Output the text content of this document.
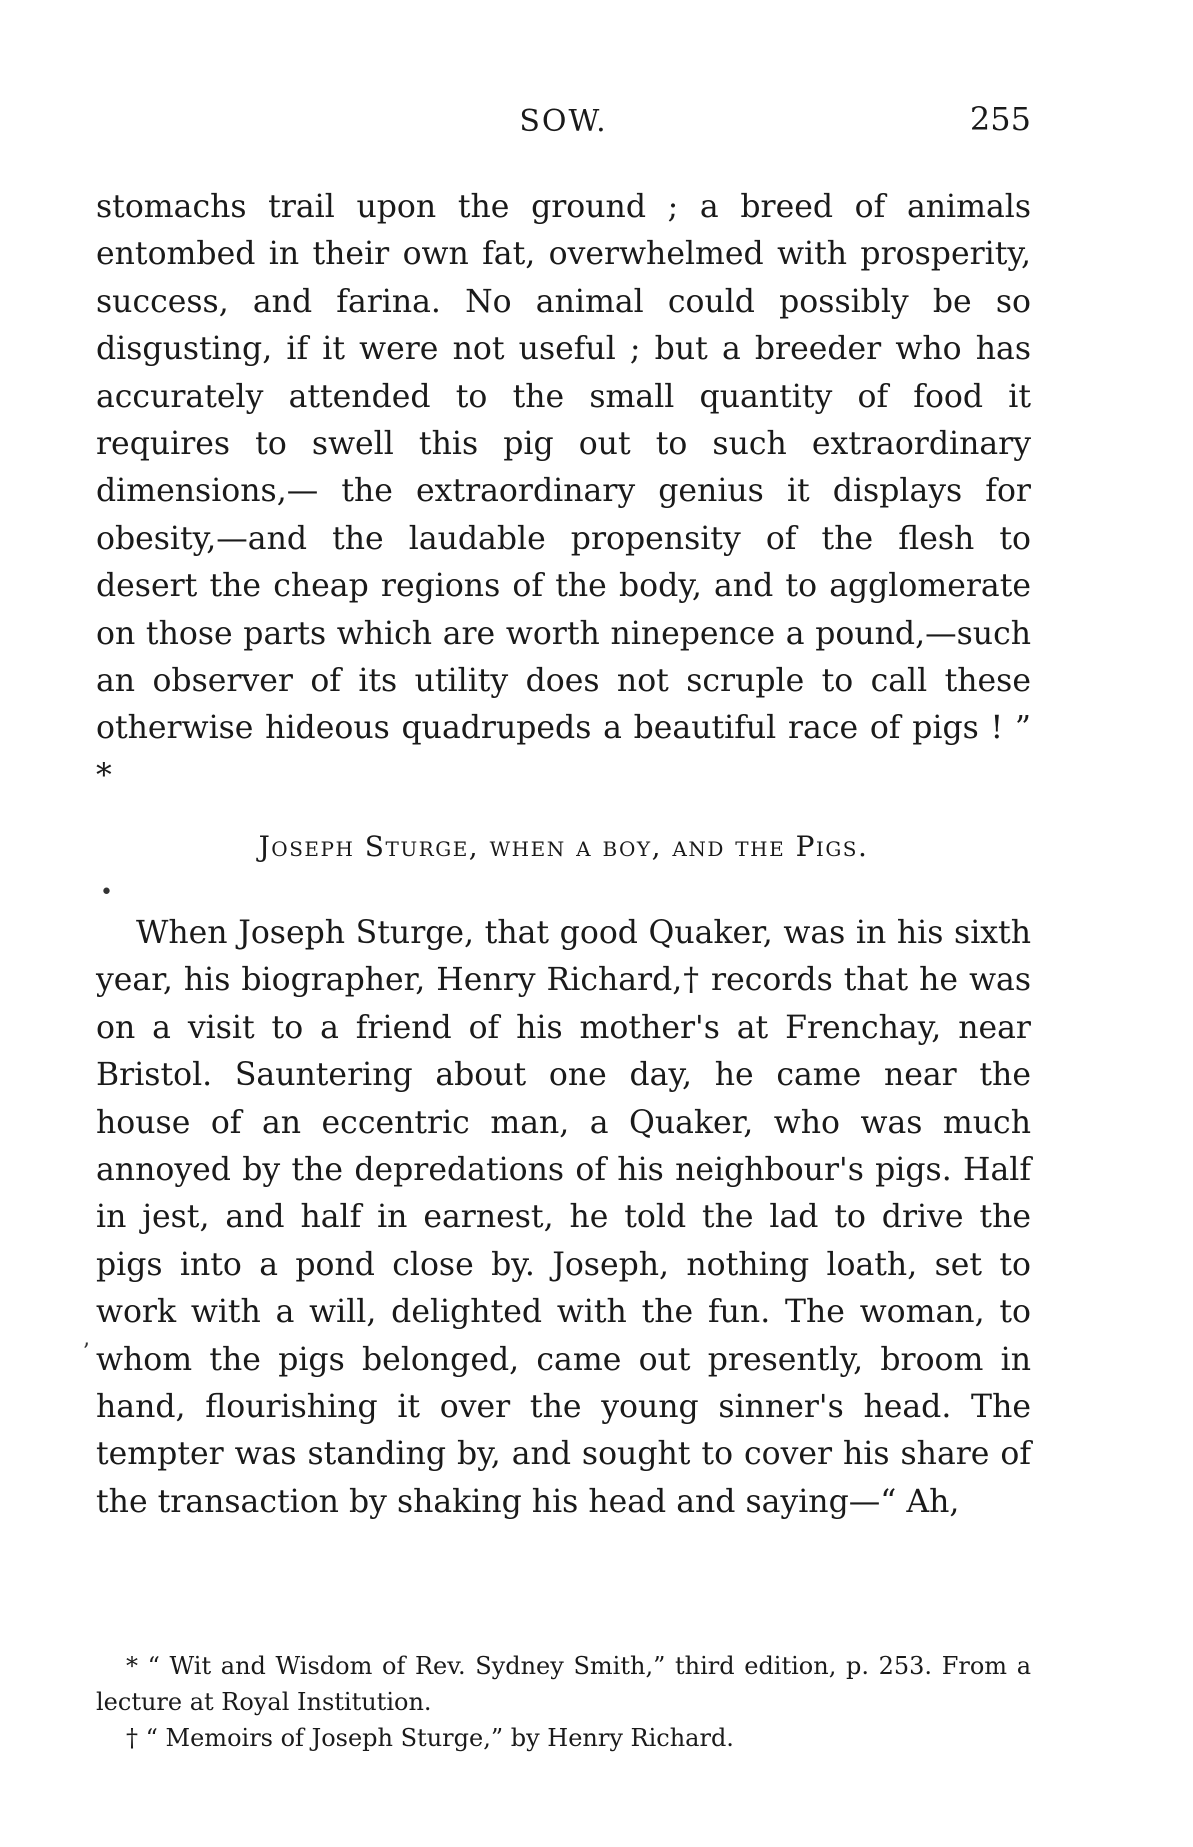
SOW.	255

stomachs trail upon the ground ; a breed of animals entombed in their own fat, overwhelmed with prosperity, success, and farina. No animal could possibly be so disgusting, if it were not useful ; but a breeder who has accurately attended to the small quantity of food it requires to swell this pig out to such extraordinary dimensions,— the extraordinary genius it displays for obesity,—and the laudable propensity of the flesh to desert the cheap regions of the body, and to agglomerate on those parts which are worth ninepence a pound,—such an observer of its utility does not scruple to call these otherwise hideous quadrupeds a beautiful race of pigs ! ” *

Joseph Sturge, when a boy, and the Pigs.
•

When Joseph Sturge, that good Quaker, was in his sixth year, his biographer, Henry Richard,† records that he was on a visit to a friend of his mother's at Frenchay, near Bristol. Sauntering about one day, he came near the house of an eccentric man, a Quaker, who was much annoyed by the depredations of his neighbour's pigs. Half in jest, and half in earnest, he told the lad to drive the pigs into a pond close by. Joseph, nothing loath, set to work with a will, delighted with the fun. The woman, to whom the pigs belonged, came out presently, broom in hand, flourishing it over the young sinner's head. The tempter was standing by, and sought to cover his share of the transaction by shaking his head and saying—“ Ah,

ʼ

* “ Wit and Wisdom of Rev. Sydney Smith,” third edition, p. 253. From a lecture at Royal Institution.

† “ Memoirs of Joseph Sturge,” by Henry Richard.
